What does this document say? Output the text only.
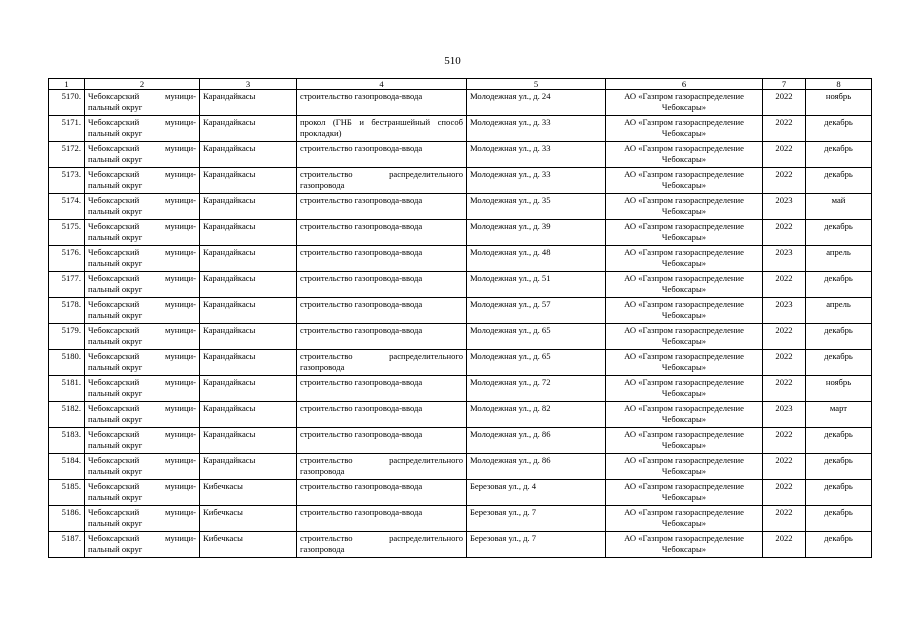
510
1	2	3	4	5	6	7	8
5170.	Чебоксарский муници-пальный округ	Карандайкасы	строительство газопровода-ввода	Молодежная ул., д. 24	АО «Газпром газораспределение Чебоксары»	2022	ноябрь
5171.	Чебоксарский муници-пальный округ	Карандайкасы	прокол (ГНБ и бестраншейный способ прокладки)	Молодежная ул., д. 33	АО «Газпром газораспределение Чебоксары»	2022	декабрь
5172.	Чебоксарский муници-пальный округ	Карандайкасы	строительство газопровода-ввода	Молодежная ул., д. 33	АО «Газпром газораспределение Чебоксары»	2022	декабрь
5173.	Чебоксарский муници-пальный округ	Карандайкасы	строительство распределительного газопровода	Молодежная ул., д. 33	АО «Газпром газораспределение Чебоксары»	2022	декабрь
5174.	Чебоксарский муници-пальный округ	Карандайкасы	строительство газопровода-ввода	Молодежная ул., д. 35	АО «Газпром газораспределение Чебоксары»	2023	май
5175.	Чебоксарский муници-пальный округ	Карандайкасы	строительство газопровода-ввода	Молодежная ул., д. 39	АО «Газпром газораспределение Чебоксары»	2022	декабрь
5176.	Чебоксарский муници-пальный округ	Карандайкасы	строительство газопровода-ввода	Молодежная ул., д. 48	АО «Газпром газораспределение Чебоксары»	2023	апрель
5177.	Чебоксарский муници-пальный округ	Карандайкасы	строительство газопровода-ввода	Молодежная ул., д. 51	АО «Газпром газораспределение Чебоксары»	2022	декабрь
5178.	Чебоксарский муници-пальный округ	Карандайкасы	строительство газопровода-ввода	Молодежная ул., д. 57	АО «Газпром газораспределение Чебоксары»	2023	апрель
5179.	Чебоксарский муници-пальный округ	Карандайкасы	строительство газопровода-ввода	Молодежная ул., д. 65	АО «Газпром газораспределение Чебоксары»	2022	декабрь
5180.	Чебоксарский муници-пальный округ	Карандайкасы	строительство распределительного газопровода	Молодежная ул., д. 65	АО «Газпром газораспределение Чебоксары»	2022	декабрь
5181.	Чебоксарский муници-пальный округ	Карандайкасы	строительство газопровода-ввода	Молодежная ул., д. 72	АО «Газпром газораспределение Чебоксары»	2022	ноябрь
5182.	Чебоксарский муници-пальный округ	Карандайкасы	строительство газопровода-ввода	Молодежная ул., д. 82	АО «Газпром газораспределение Чебоксары»	2023	март
5183.	Чебоксарский муници-пальный округ	Карандайкасы	строительство газопровода-ввода	Молодежная ул., д. 86	АО «Газпром газораспределение Чебоксары»	2022	декабрь
5184.	Чебоксарский муници-пальный округ	Карандайкасы	строительство распределительного газопровода	Молодежная ул., д. 86	АО «Газпром газораспределение Чебоксары»	2022	декабрь
5185.	Чебоксарский муници-пальный округ	Кибечкасы	строительство газопровода-ввода	Березовая ул., д. 4	АО «Газпром газораспределение Чебоксары»	2022	декабрь
5186.	Чебоксарский муници-пальный округ	Кибечкасы	строительство газопровода-ввода	Березовая ул., д. 7	АО «Газпром газораспределение Чебоксары»	2022	декабрь
5187.	Чебоксарский муници-пальный округ	Кибечкасы	строительство распределительного газопровода	Березовая ул., д. 7	АО «Газпром газораспределение Чебоксары»	2022	декабрь
